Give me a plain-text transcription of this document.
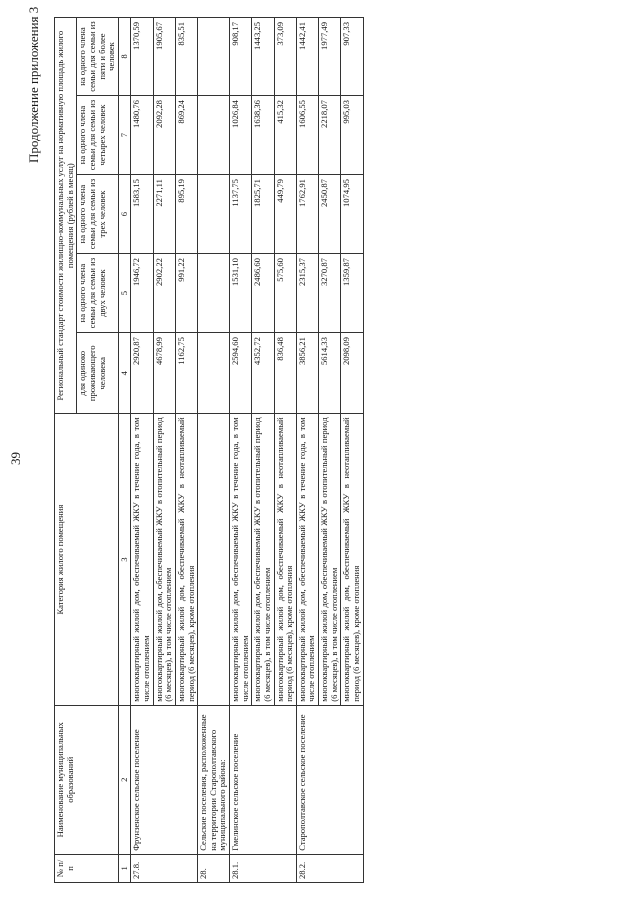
39
Продолжение приложения 3
№ п/п	Наименование муниципальных образований	Категория жилого помещения	Региональный стандарт стоимости жилищно-коммунальных услуг на нормативную площадь жилого помещения (рублей в месяц)				
			для одиноко проживающего человека	на одного члена семьи для семьи из двух человек	на одного члена семьи для семьи из трех человек	на одного члена семьи для семьи из четырех человек	на одного члена семьи для семьи из пяти и более человек
1	2	3	4	5	6	7	8
27.8.	Фрунзенское сельское поселение	многоквартирный жилой дом, обеспечиваемый ЖКУ в течение года, в том числе отоплением	2920,87	1946,72	1583,15	1480,76	1370,59
		многоквартирный жилой дом, обеспечиваемый ЖКУ в отопительный период (6 месяцев), в том числе отоплением	4678,99	2902,22	2271,11	2092,28	1905,67
		многоквартирный жилой дом, обеспечиваемый ЖКУ в неотапливаемый период (6 месяцев), кроме отопления	1162,75	991,22	895,19	869,24	835,51
28.	Сельские поселения, расположенные на территории Старополтавского муниципального района:						
28.1.	Гмелинское сельское поселение	многоквартирный жилой дом, обеспечиваемый ЖКУ в течение года, в том числе отоплением	2594,60	1531,10	1137,75	1026,84	908,17
		многоквартирный жилой дом, обеспечиваемый ЖКУ в отопительный период (6 месяцев), в том числе отоплением	4352,72	2486,60	1825,71	1638,36	1443,25
		многоквартирный жилой дом, обеспечиваемый ЖКУ в неотапливаемый период (6 месяцев), кроме отопления	836,48	575,60	449,79	415,32	373,09
28.2.	Старополтавское сельское поселение	многоквартирный жилой дом, обеспечиваемый ЖКУ в течение года, в том числе отоплением	3856,21	2315,37	1762,91	1606,55	1442,41
		многоквартирный жилой дом, обеспечиваемый ЖКУ в отопительный период (6 месяцев), в том числе отоплением	5614,33	3270,87	2450,87	2218,07	1977,49
		многоквартирный жилой дом, обеспечиваемый ЖКУ в неотапливаемый период (6 месяцев), кроме отопления	2098,09	1359,87	1074,95	995,03	907,33
